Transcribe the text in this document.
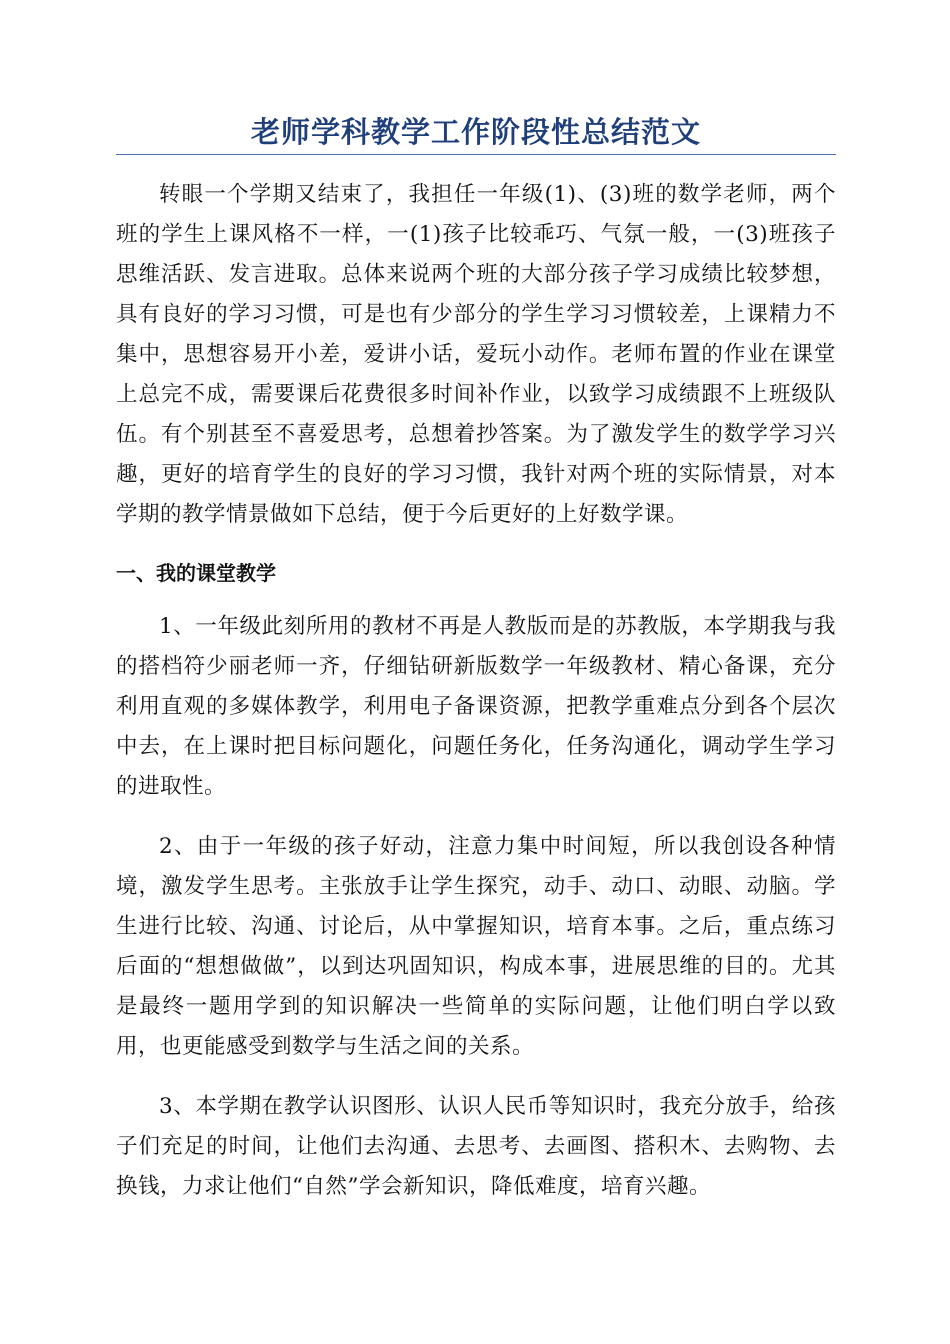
老师学科教学工作阶段性总结范文

转眼一个学期又结束了，我担任一年级(1)、(3)班的数学老师，两个班的学生上课风格不一样，一(1)孩子比较乖巧、气氛一般，一(3)班孩子思维活跃、发言进取。总体来说两个班的大部分孩子学习成绩比较梦想，具有良好的学习习惯，可是也有少部分的学生学习习惯较差，上课精力不集中，思想容易开小差，爱讲小话，爱玩小动作。老师布置的作业在课堂上总完不成，需要课后花费很多时间补作业，以致学习成绩跟不上班级队伍。有个别甚至不喜爱思考，总想着抄答案。为了激发学生的数学学习兴趣，更好的培育学生的良好的学习习惯，我针对两个班的实际情景，对本学期的教学情景做如下总结，便于今后更好的上好数学课。

一、我的课堂教学

1、一年级此刻所用的教材不再是人教版而是的苏教版，本学期我与我的搭档符少丽老师一齐，仔细钻研新版数学一年级教材、精心备课，充分利用直观的多媒体教学，利用电子备课资源，把教学重难点分到各个层次中去，在上课时把目标问题化，问题任务化，任务沟通化，调动学生学习的进取性。

2、由于一年级的孩子好动，注意力集中时间短，所以我创设各种情境，激发学生思考。主张放手让学生探究，动手、动口、动眼、动脑。学生进行比较、沟通、讨论后，从中掌握知识，培育本事。之后，重点练习后面的“想想做做”，以到达巩固知识，构成本事，进展思维的目的。尤其是最终一题用学到的知识解决一些简单的实际问题，让他们明白学以致用，也更能感受到数学与生活之间的关系。

3、本学期在教学认识图形、认识人民币等知识时，我充分放手，给孩子们充足的时间，让他们去沟通、去思考、去画图、搭积木、去购物、去换钱，力求让他们“自然”学会新知识，降低难度，培育兴趣。
